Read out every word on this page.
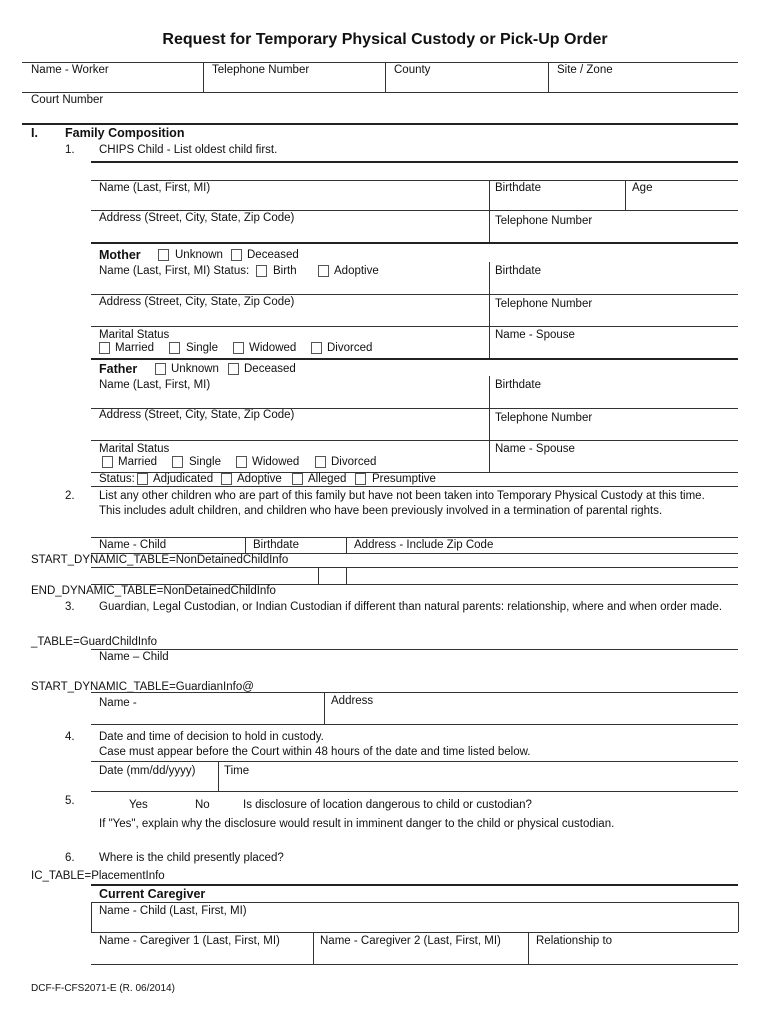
Request for Temporary Physical Custody or Pick-Up Order
Name - Worker	Telephone Number	County	Site / Zone
Court Number
I. Family Composition
1. CHIPS Child - List oldest child first.
Name (Last, First, MI)	Birthdate	Age
Address (Street, City, State, Zip Code)	Telephone Number
Mother	Unknown Deceased
Name (Last, First, MI) Status: Birth	Adoptive	Birthdate
Address (Street, City, State, Zip Code)	Telephone Number
Marital Status
Married	Single	Widowed	Divorced
Name - Spouse
Father	Unknown Deceased
Name (Last, First, MI)	Birthdate
Address (Street, City, State, Zip Code)	Telephone Number
Marital Status
Married	Single	Widowed	Divorced
Name - Spouse
Status: Adjudicated Adoptive Alleged Presumptive
2. List any other children who are part of this family but have not been taken into Temporary Physical Custody at this time.
This includes adult children, and children who have been previously involved in a termination of parental rights.
Name - Child	Birthdate	Address - Include Zip Code
START_DYNAMIC_TABLE=NonDetainedChildInfo
END_DYNAMIC_TABLE=NonDetainedChildInfo
3. Guardian, Legal Custodian, or Indian Custodian if different than natural parents: relationship, where and when order made.
_TABLE=GuardChildInfo
Name – Child
START_DYNAMIC_TABLE=GuardianInfo@
Name -	Address
4. Date and time of decision to hold in custody.
Case must appear before the Court within 48 hours of the date and time listed below.
Date (mm/dd/yyyy) Time
5.	Yes	No	Is disclosure of location dangerous to child or custodian?
If "Yes", explain why the disclosure would result in imminent danger to the child or physical custodian.
6. Where is the child presently placed?
IC_TABLE=PlacementInfo
Current Caregiver
Name - Child (Last, First, MI)
Name - Caregiver 1 (Last, First, MI)	Name - Caregiver 2 (Last, First, MI)	Relationship to
DCF-F-CFS2071-E (R. 06/2014)
